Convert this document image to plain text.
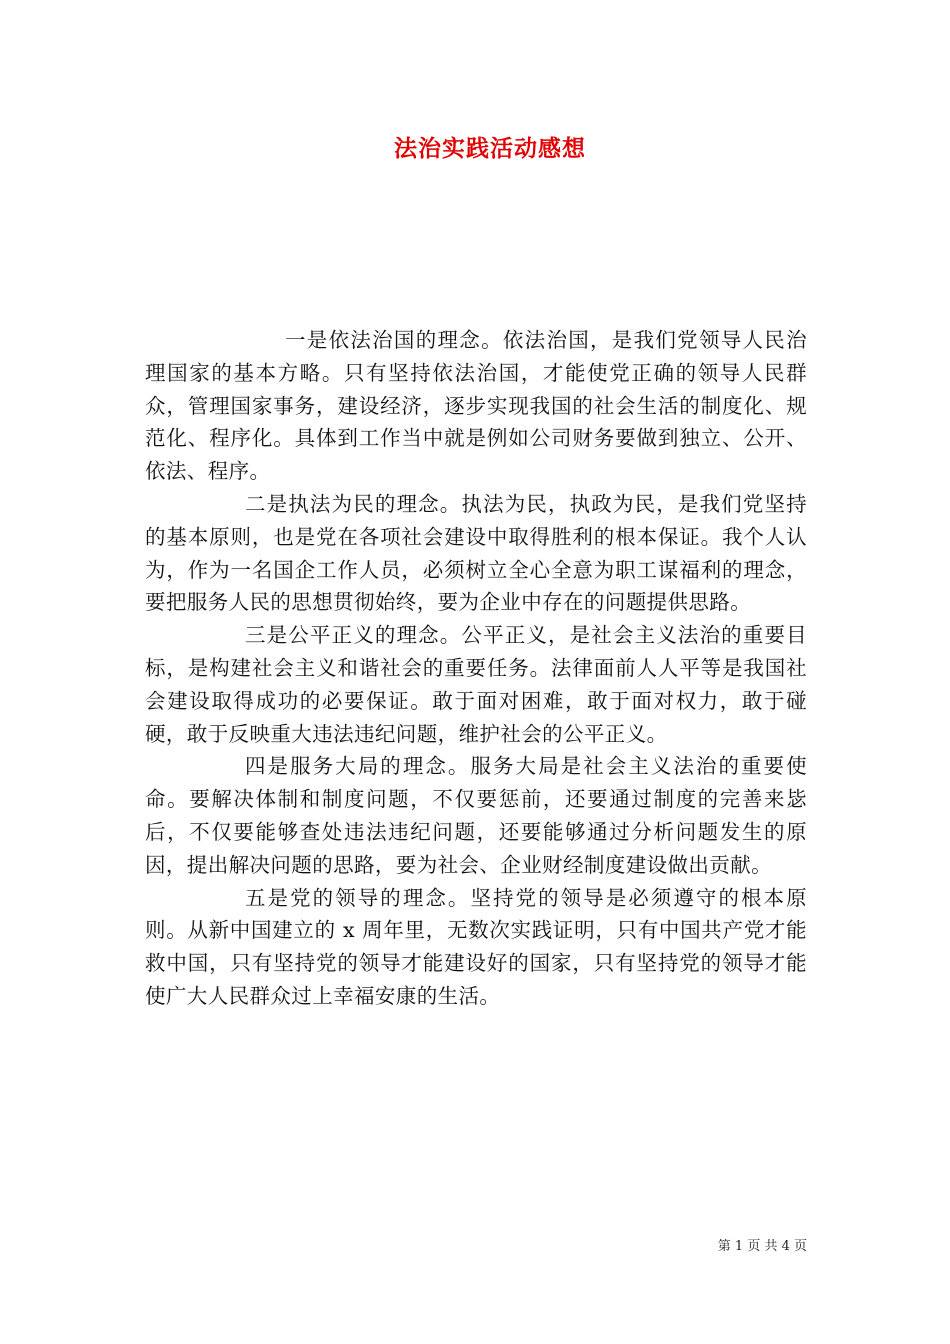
法治实践活动感想

一是依法治国的理念。依法治国，是我们党领导人民治理国家的基本方略。只有坚持依法治国，才能使党正确的领导人民群众，管理国家事务，建设经济，逐步实现我国的社会生活的制度化、规范化、程序化。具体到工作当中就是例如公司财务要做到独立、公开、依法、程序。

二是执法为民的理念。执法为民，执政为民，是我们党坚持的基本原则，也是党在各项社会建设中取得胜利的根本保证。我个人认为，作为一名国企工作人员，必须树立全心全意为职工谋福利的理念，要把服务人民的思想贯彻始终，要为企业中存在的问题提供思路。

三是公平正义的理念。公平正义，是社会主义法治的重要目标，是构建社会主义和谐社会的重要任务。法律面前人人平等是我国社会建设取得成功的必要保证。敢于面对困难，敢于面对权力，敢于碰硬，敢于反映重大违法违纪问题，维护社会的公平正义。

四是服务大局的理念。服务大局是社会主义法治的重要使命。要解决体制和制度问题，不仅要惩前，还要通过制度的完善来毖后，不仅要能够查处违法违纪问题，还要能够通过分析问题发生的原因，提出解决问题的思路，要为社会、企业财经制度建设做出贡献。

五是党的领导的理念。坚持党的领导是必须遵守的根本原则。从新中国建立的 x 周年里，无数次实践证明，只有中国共产党才能救中国，只有坚持党的领导才能建设好的国家，只有坚持党的领导才能使广大人民群众过上幸福安康的生活。

第 1 页 共 4 页
